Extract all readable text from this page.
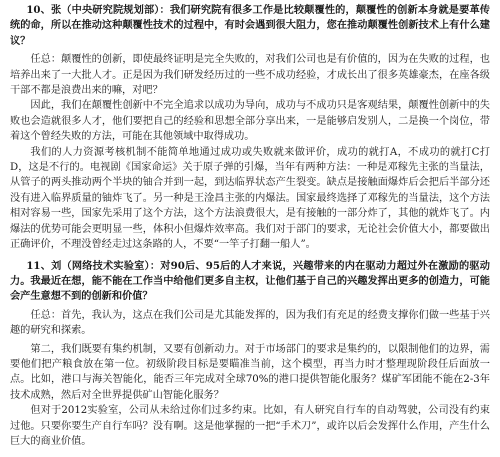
10、张（中央研究院规划部）：我们研究院有很多工作是比较颠覆性的，颠覆性的创新本身就是要革传统的命，所以在推动这种颠覆性技术的过程中，有时会遇到很大阻力，您在推动颠覆性创新技术上有什么建议？

任总：颠覆性的创新，即使最终证明是完全失败的，对我们公司也是有价值的，因为在失败的过程，也培养出来了一大批人才。正是因为我们研发经历过的一些不成功经验，才成长出了很多英雄豪杰，在座各级干部不都是浪费出来的嘛，对吧？

因此，我们在颠覆性创新中不完全追求以成功为导向，成功与不成功只是客观结果，颠覆性创新中的失败也会造就很多人才，他们要把自己的经验和思想全部分享出来，一是能够启发别人，二是换一个岗位，带着这个曾经失败的方法，可能在其他领域中取得成功。

我们的人力资源考核机制不能简单地通过成功或失败就来做评价，成功的就打A，不成功的就打C打D，这是不行的。电视剧《国家命运》关于原子弹的引爆，当年有两种方法：一种是邓稼先主张的当量法，从管子的两头推动两个半块的铀合并到一起，到达临界状态产生裂变。缺点是接触面爆炸后会把后半部分还没有进入临界质量的铀炸飞了。另一种是王淦昌主张的内爆法。国家最终选择了邓稼先的当量法，这个方法相对容易一些，国家先采用了这个方法，这个方法浪费很大，是有接触的一部分炸了，其他的就炸飞了。内爆法的优势可能会更明显一些，体积小但爆炸效率高。我们对于部门的要求，无论社会价值大小，都要做出正确评价，不理没曾经走过这条路的人，不要“一竿子打翻一船人”。

11、刘（网络技术实验室）：对90后、95后的人才来说，兴趣带来的内在驱动力超过外在激励的驱动力。我最近在想，能不能在工作当中给他们更多自主权，让他们基于自己的兴趣发挥出更多的创造力，可能会产生意想不到的创新和价值？

任总：首先，我认为，这点在我们公司是尤其能发挥的，因为我们有充足的经费支撑你们做一些基于兴趣的研究和探索。

第二，我们既要有集约机制，又要有创新动力。对于市场部门的要求是集约的，以限制他们的边界，需要他们把产粮食放在第一位。初级阶段目标是要瞄准当前，这个模型，再当力时才整理现阶段任后面放一点。比如，港口与海关智能化，能否三年完成对全球70%的港口提供智能化服务？煤矿军团能不能在2-3年技术成熟，然后对全世界提供矿山智能化服务？

但对于2012实验室，公司从未给过你们过多约束。比如，有人研究自行车的自动驾驶，公司没有约束过他。只要你要生产自行车吗？没有啊。这是他掌握的一把“手术刀”，或许以后会发挥什么作用，产生什么巨大的商业价值。
